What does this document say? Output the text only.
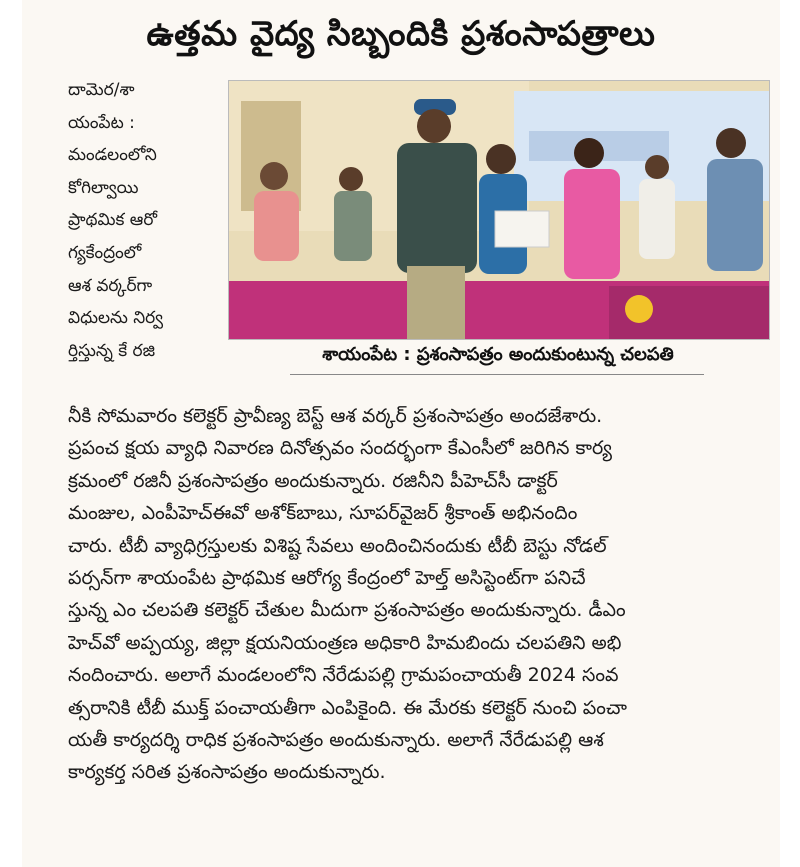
ఉత్తమ వైద్య సిబ్బందికి ప్రశంసాపత్రాలు
దామెర/శా
యంపేట :
మండలంలోని
కోగిల్వాయి
ప్రాథమిక ఆరో
గ్యకేంద్రంలో
ఆశ వర్కర్‌గా
విధులను నిర్వ
ర్తిస్తున్న కే రజి	శాయంపేట : ప్రశంసాపత్రం అందుకుంటున్న చలపతి
నీకి సోమవారం కలెక్టర్ ప్రావీణ్య బెస్ట్ ఆశ వర్కర్ ప్రశంసాపత్రం అందజేశారు.
ప్రపంచ క్షయ వ్యాధి నివారణ దినోత్సవం సందర్భంగా కేఎంసీలో జరిగిన కార్య
క్రమంలో రజినీ ప్రశంసాపత్రం అందుకున్నారు. రజినీని పీహెచ్‌సీ డాక్టర్
మంజుల, ఎంపీహెచ్‌ఈవో అశోక్‌బాబు, సూపర్‌వైజర్ శ్రీకాంత్ అభినందిం
చారు. టీబీ వ్యాధిగ్రస్తులకు విశిష్ట సేవలు అందించినందుకు టీబీ బెస్టు నోడల్
పర్సన్‌గా శాయంపేట ప్రాథమిక ఆరోగ్య కేంద్రంలో హెల్త్ అసిస్టెంట్‌గా పనిచే
స్తున్న ఎం చలపతి కలెక్టర్ చేతుల మీదుగా ప్రశంసాపత్రం అందుకున్నారు. డీఎం
హెచ్‌వో అప్పయ్య, జిల్లా క్షయనియంత్రణ అధికారి హిమబిందు చలపతిని అభి
నందించారు. అలాగే మండలంలోని నేరేడుపల్లి గ్రామపంచాయతీ 2024 సంవ
త్సరానికి టీబీ ముక్త్ పంచాయతీగా ఎంపికైంది. ఈ మేరకు కలెక్టర్ నుంచి పంచా
యతీ కార్యదర్శి రాధిక ప్రశంసాపత్రం అందుకున్నారు. అలాగే నేరేడుపల్లి ఆశ
కార్యకర్త సరిత ప్రశంసాపత్రం అందుకున్నారు.
